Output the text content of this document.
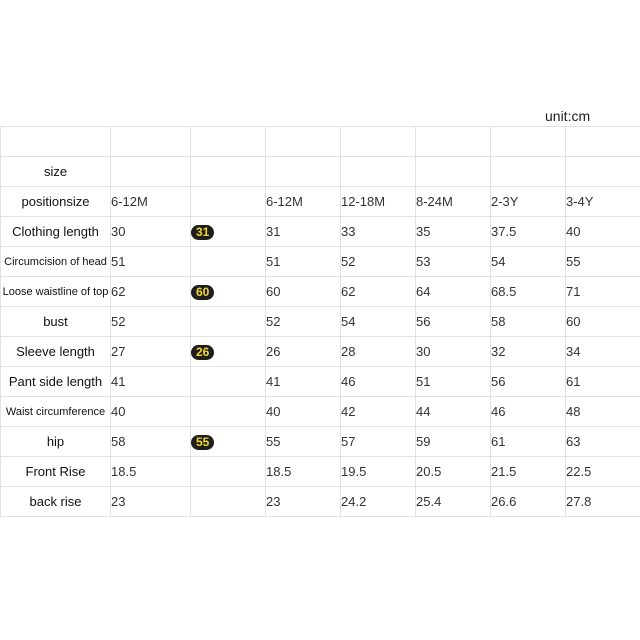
unit:cm

size							
positionsize	6-12M		6-12M	12-18M	8-24M	2-3Y	3-4Y
Clothing length	30	31	31	33	35	37.5	40
Circumcision of head	51		51	52	53	54	55
Loose waistline of top	62	60	60	62	64	68.5	71
bust	52		52	54	56	58	60
Sleeve length	27	26	26	28	30	32	34
Pant side length	41		41	46	51	56	61
Waist circumference	40		40	42	44	46	48
hip	58	55	55	57	59	61	63
Front Rise	18.5		18.5	19.5	20.5	21.5	22.5
back rise	23		23	24.2	25.4	26.6	27.8
